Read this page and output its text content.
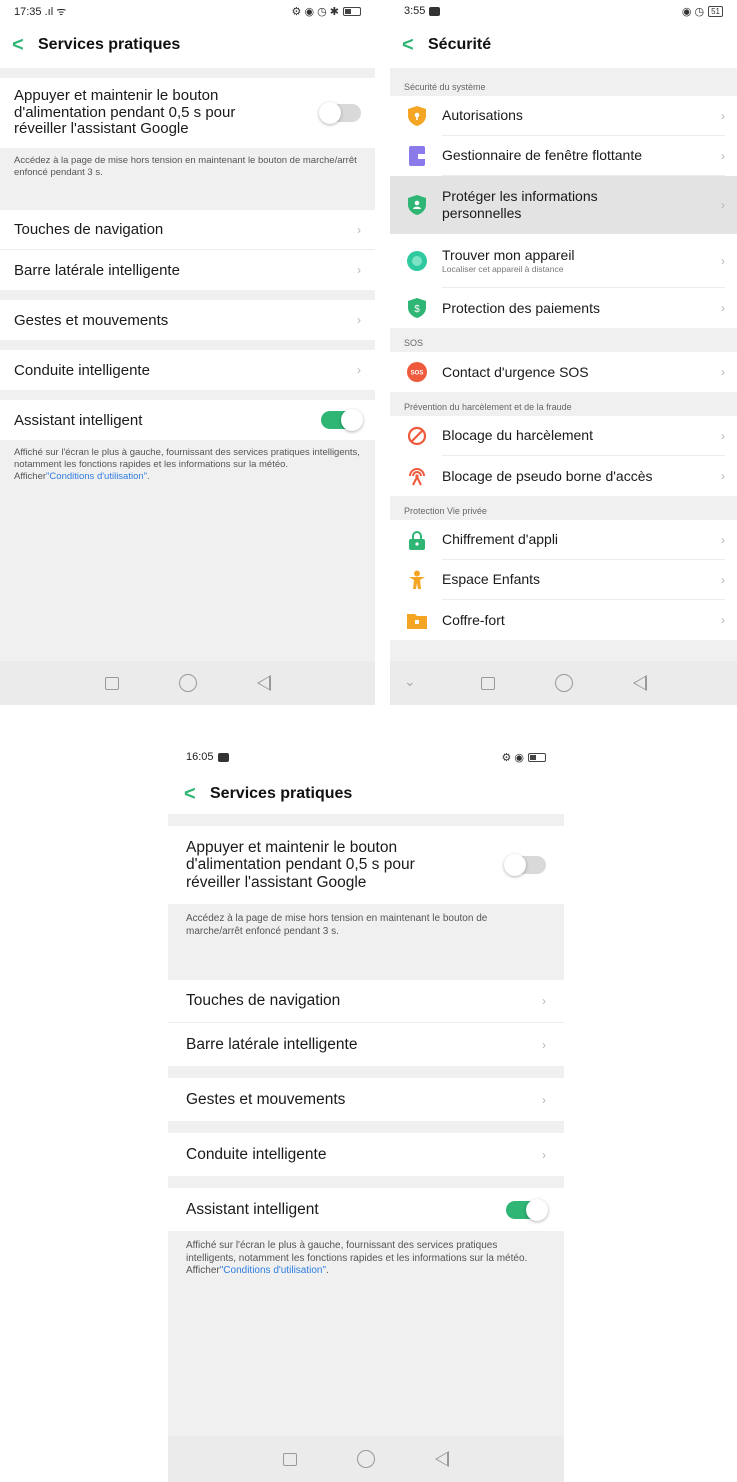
17:35 .ıl ᯤ	⚙ ◉ ◷ ✱
< Services pratiques
Appuyer et maintenir le bouton d'alimentation pendant 0,5 s pour réveiller l'assistant Google
Accédez à la page de mise hors tension en maintenant le bouton de marche/arrêt enfoncé pendant 3 s.
Touches de navigation	›
Barre latérale intelligente	›
Gestes et mouvements	›
Conduite intelligente	›
Assistant intelligent
Affiché sur l'écran le plus à gauche, fournissant des services pratiques intelligents, notamment les fonctions rapides et les informations sur la météo. Afficher"Conditions d'utilisation".
3:55	◉ ◷ 51
< Sécurité
Sécurité du système
Autorisations	›
Gestionnaire de fenêtre flottante	›
Protéger les informations personnelles	›
Trouver mon appareil
Localiser cet appareil à distance
›
$ Protection des paiements	›
SOS
SOS Contact d'urgence SOS	›
Prévention du harcèlement et de la fraude
Blocage du harcèlement	›
Blocage de pseudo borne d'accès	›
Protection Vie privée
Chiffrement d'appli	›
Espace Enfants	›
Coffre-fort	›
⌄
16:05	⚙ ◉
< Services pratiques
Appuyer et maintenir le bouton d'alimentation pendant 0,5 s pour réveiller l'assistant Google
Accédez à la page de mise hors tension en maintenant le bouton de marche/arrêt enfoncé pendant 3 s.
Touches de navigation	›
Barre latérale intelligente	›
Gestes et mouvements	›
Conduite intelligente	›
Assistant intelligent
Affiché sur l'écran le plus à gauche, fournissant des services pratiques intelligents, notamment les fonctions rapides et les informations sur la météo. Afficher"Conditions d'utilisation".
